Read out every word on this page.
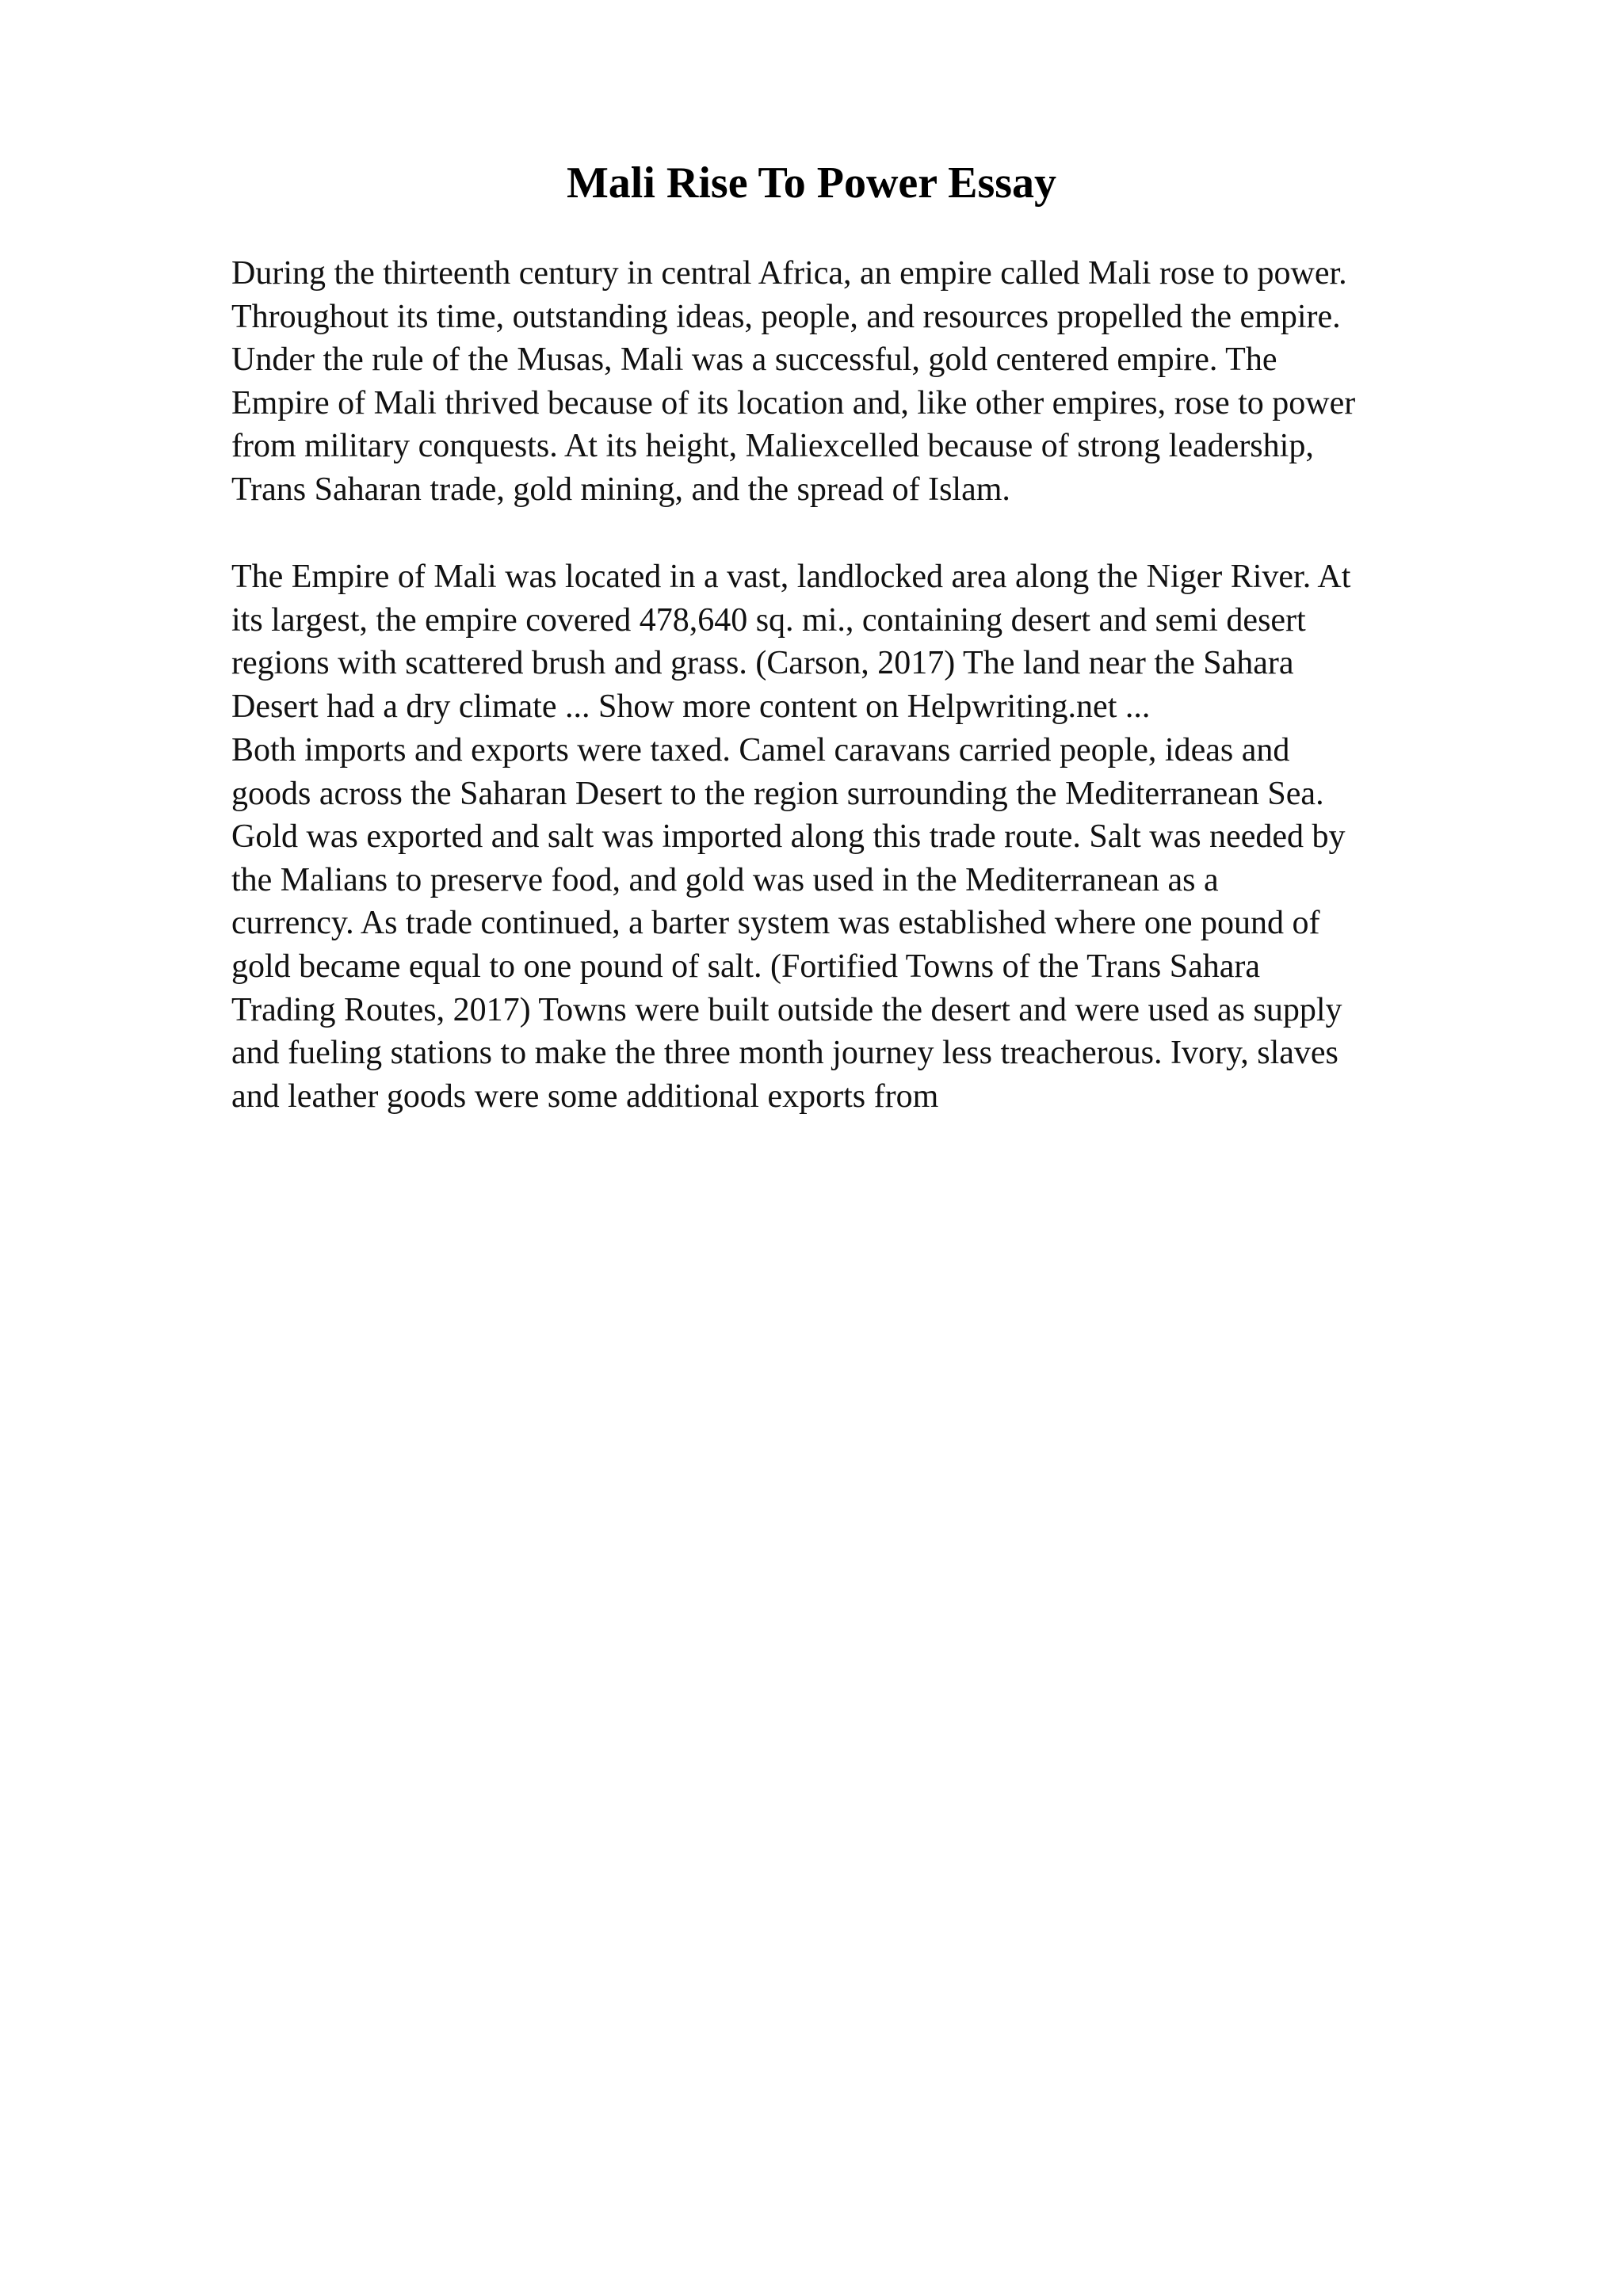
Mali Rise To Power Essay
During the thirteenth century in central Africa, an empire called Mali rose to power.
Throughout its time, outstanding ideas, people, and resources propelled the empire.
Under the rule of the Musas, Mali was a successful, gold centered empire. The
Empire of Mali thrived because of its location and, like other empires, rose to power
from military conquests. At its height, Maliexcelled because of strong leadership,
Trans Saharan trade, gold mining, and the spread of Islam.
The Empire of Mali was located in a vast, landlocked area along the Niger River. At
its largest, the empire covered 478,640 sq. mi., containing desert and semi desert
regions with scattered brush and grass. (Carson, 2017) The land near the Sahara
Desert had a dry climate ... Show more content on Helpwriting.net ...
Both imports and exports were taxed. Camel caravans carried people, ideas and
goods across the Saharan Desert to the region surrounding the Mediterranean Sea.
Gold was exported and salt was imported along this trade route. Salt was needed by
the Malians to preserve food, and gold was used in the Mediterranean as a
currency. As trade continued, a barter system was established where one pound of
gold became equal to one pound of salt. (Fortified Towns of the Trans Sahara
Trading Routes, 2017) Towns were built outside the desert and were used as supply
and fueling stations to make the three month journey less treacherous. Ivory, slaves
and leather goods were some additional exports from
